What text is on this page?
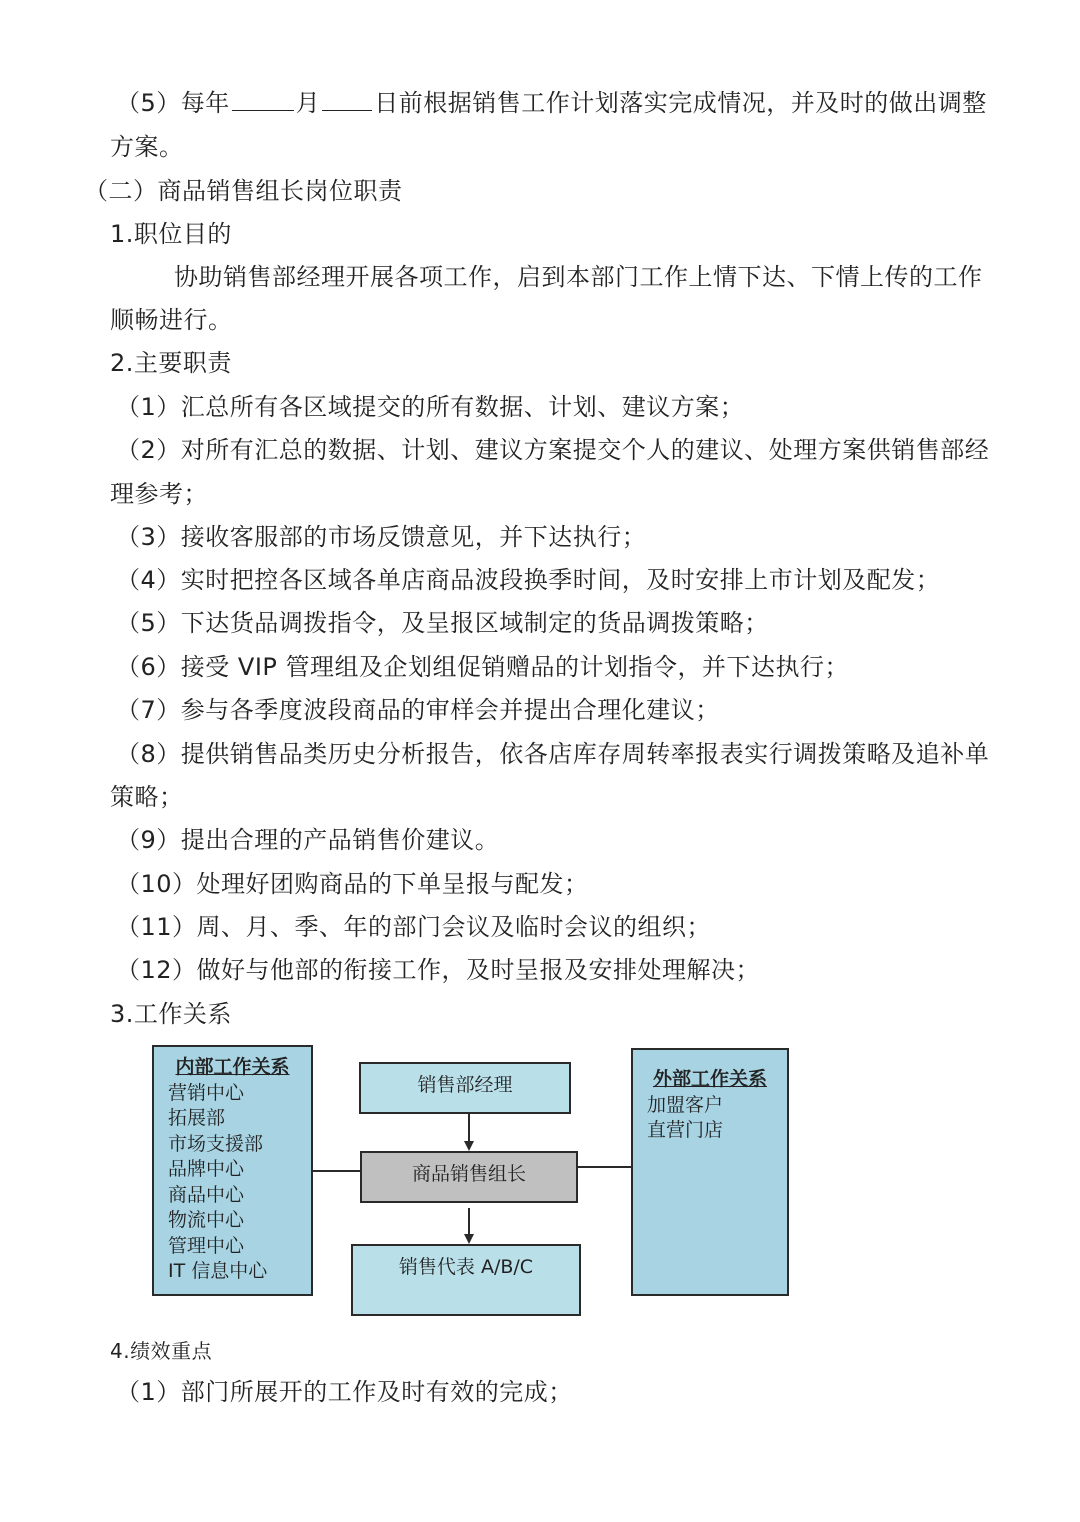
（5）每年	月 日前根据销售工作计划落实完成情况，并及时的做出调整
方案。
（二）商品销售组长岗位职责
1.职位目的
协助销售部经理开展各项工作，启到本部门工作上情下达、下情上传的工作
顺畅进行。
2.主要职责
（1）汇总所有各区域提交的所有数据、计划、建议方案；
（2）对所有汇总的数据、计划、建议方案提交个人的建议、处理方案供销售部经
理参考；
（3）接收客服部的市场反馈意见，并下达执行；
（4）实时把控各区域各单店商品波段换季时间，及时安排上市计划及配发；
（5）下达货品调拨指令，及呈报区域制定的货品调拨策略；
（6）接受 VIP 管理组及企划组促销赠品的计划指令，并下达执行；
（7）参与各季度波段商品的审样会并提出合理化建议；
（8）提供销售品类历史分析报告，依各店库存周转率报表实行调拨策略及追补单
策略；
（9）提出合理的产品销售价建议。
（10）处理好团购商品的下单呈报与配发；
（11）周、月、季、年的部门会议及临时会议的组织；
（12）做好与他部的衔接工作，及时呈报及安排处理解决；
3.工作关系
内部工作关系
营销中心
拓展部
市场支援部
品牌中心
商品中心
物流中心
管理中心
IT 信息中心
销售部经理
商品销售组长
销售代表 A/B/C
外部工作关系
加盟客户
直营门店
4.绩效重点
（1）部门所展开的工作及时有效的完成；
